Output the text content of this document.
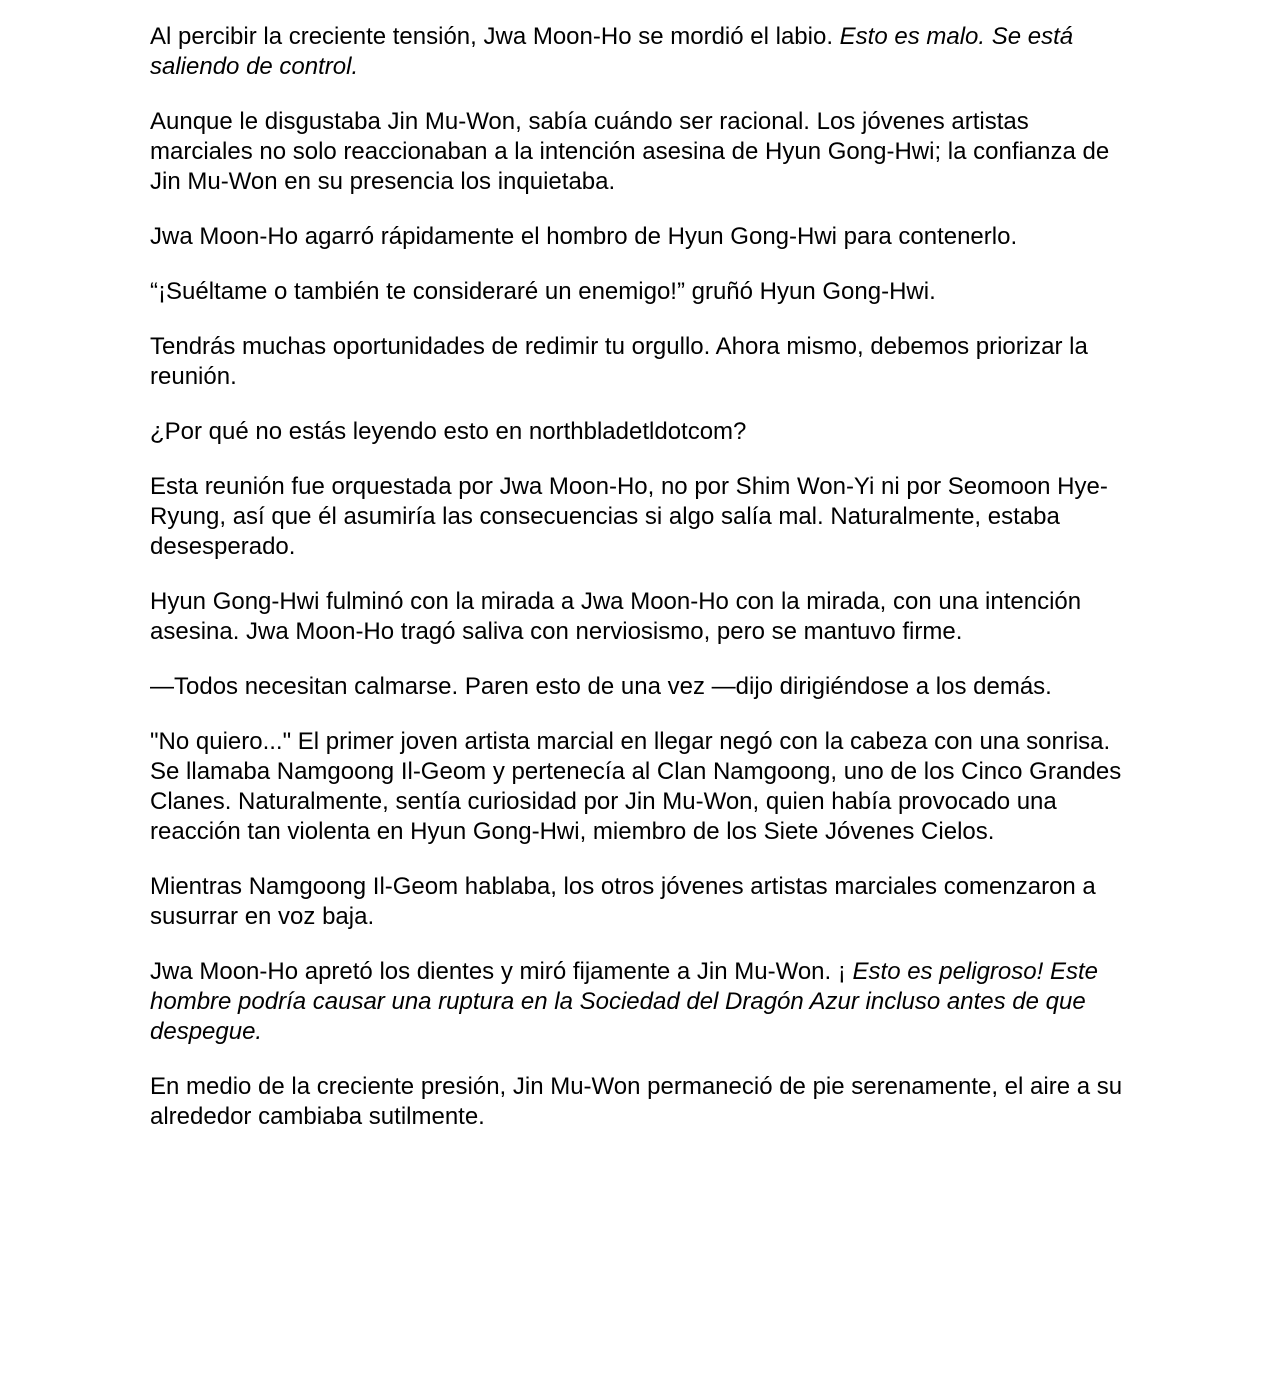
Al percibir la creciente tensión, Jwa Moon-Ho se mordió el labio. Esto es malo. Se está saliendo de control.

Aunque le disgustaba Jin Mu-Won, sabía cuándo ser racional. Los jóvenes artistas marciales no solo reaccionaban a la intención asesina de Hyun Gong-Hwi; la confianza de Jin Mu-Won en su presencia los inquietaba.

Jwa Moon-Ho agarró rápidamente el hombro de Hyun Gong-Hwi para contenerlo.

“¡Suéltame o también te consideraré un enemigo!” gruñó Hyun Gong-Hwi.

Tendrás muchas oportunidades de redimir tu orgullo. Ahora mismo, debemos priorizar la reunión.

¿Por qué no estás leyendo esto en northbladetldotcom?

Esta reunión fue orquestada por Jwa Moon-Ho, no por Shim Won-Yi ni por Seomoon Hye-Ryung, así que él asumiría las consecuencias si algo salía mal. Naturalmente, estaba desesperado.

Hyun Gong-Hwi fulminó con la mirada a Jwa Moon-Ho con la mirada, con una intención asesina. Jwa Moon-Ho tragó saliva con nerviosismo, pero se mantuvo firme.

—Todos necesitan calmarse. Paren esto de una vez —dijo dirigiéndose a los demás.

"No quiero..." El primer joven artista marcial en llegar negó con la cabeza con una sonrisa. Se llamaba Namgoong Il-Geom y pertenecía al Clan Namgoong, uno de los Cinco Grandes Clanes. Naturalmente, sentía curiosidad por Jin Mu-Won, quien había provocado una reacción tan violenta en Hyun Gong-Hwi, miembro de los Siete Jóvenes Cielos.

Mientras Namgoong Il-Geom hablaba, los otros jóvenes artistas marciales comenzaron a susurrar en voz baja.

Jwa Moon-Ho apretó los dientes y miró fijamente a Jin Mu-Won. ¡ Esto es peligroso! Este hombre podría causar una ruptura en la Sociedad del Dragón Azur incluso antes de que despegue.

En medio de la creciente presión, Jin Mu-Won permaneció de pie serenamente, el aire a su alrededor cambiaba sutilmente.
